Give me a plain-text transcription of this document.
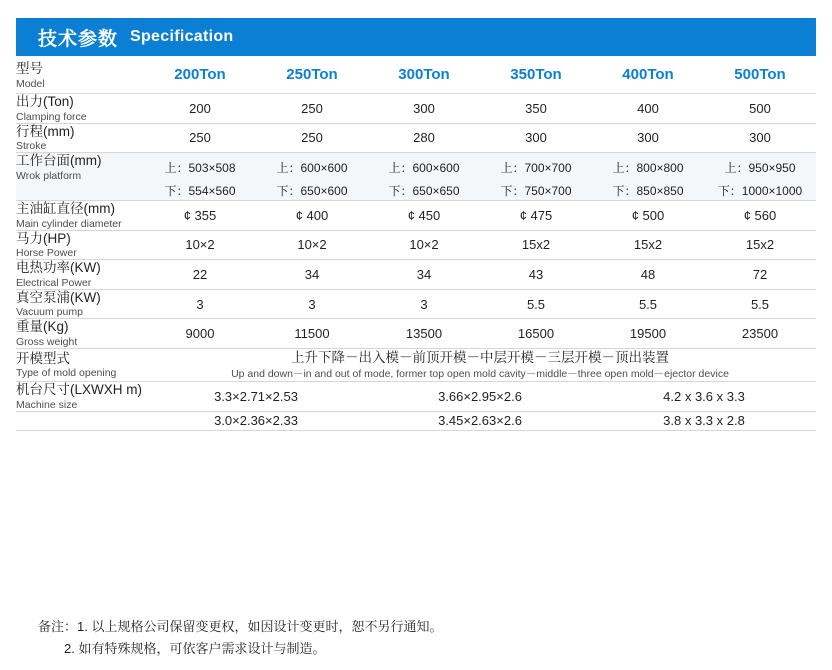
技术参数 Specification
型号
Model	200Ton	250Ton	300Ton	350Ton	400Ton	500Ton

出力(Ton)
Clamping force	200	250	300	350	400	500

行程(mm)
Stroke	250	250	280	300	300	300

工作台面(mm)
Wrok platform	上：503×508	上：600×600	上：600×600	上：700×700	上：800×800	上：950×950
	下：554×560	下：650×600	下：650×650	下：750×700	下：850×850	下：1000×1000

主油缸直径(mm)
Main cylinder diameter	¢ 355	¢ 400	¢ 450	¢ 475	¢ 500	¢ 560

马力(HP)
Horse Power	10×2	10×2	10×2	15x2	15x2	15x2

电热功率(KW)
Electrical Power	22	34	34	43	48	72

真空泵浦(KW)
Vacuum pump	3	3	3	5.5	5.5	5.5

重量(Kg)
Gross weight	9000	11500	13500	16500	19500	23500

开模型式
Type of mold opening	上升下降－出入模－前顶开模－中层开模－三层开模－顶出装置
Up and down－in and out of mode, former top open mold cavity－middle－three open mold－ejector device					

机台尺寸(LXWXH m)
Machine size	3.3×2.71×2.53		3.66×2.95×2.6		4.2 x 3.6 x 3.3	
	3.0×2.36×2.33		3.45×2.63×2.6		3.8 x 3.3 x 2.8	
备注：1. 以上规格公司保留变更权，如因设计变更时，恕不另行通知。
2. 如有特殊规格，可依客户需求设计与制造。
